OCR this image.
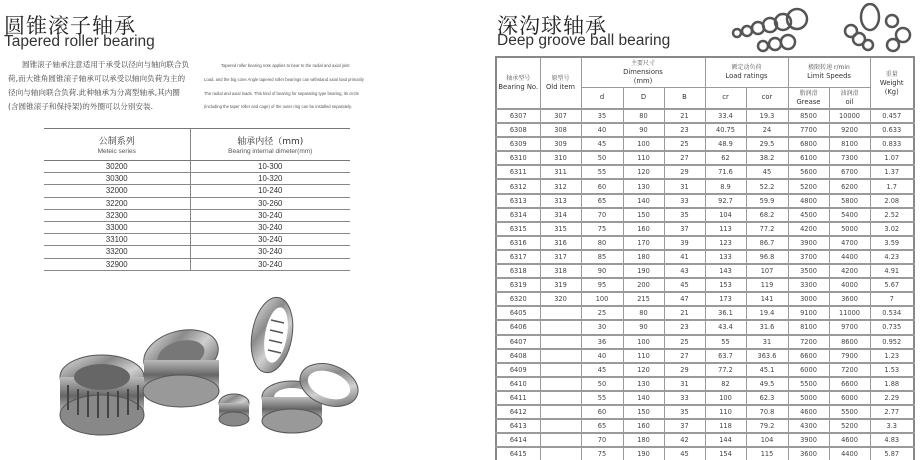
圆锥滚子轴承
Tapered roller bearing

圆锥滚子轴承注意适用于承受以径向与轴向联合负

荷,而大锥角圆锥滚子轴承可以承受以轴向负荷为主的

径向与轴向联合负荷.此种轴承为分离型轴承,其内圈

(含圆锥滚子和保持架)的外圈可以分别安装.

Tapered roller bearing note applies to bear to the radial and axial joint

Load, and the big cone Angle tapered roller bearings can withstand axial load primarily

The radial and axial loads. This kind of bearing for separating type bearing, its circle

(including the taper roller and cage) of the outer ring can be installed separately.

公制系列
Meteic series	轴承内径（mm)
Bearing internal dimeter(mm)

30200	10-300
30300	10-320
32000	10-240
32200	30-260
32300	30-240
33000	30-240
33100	30-240
33200	30-240
32900	30-240
深沟球轴承
Deep groove ball bearing
轴承型号
Bearing No.	原型号
Old item	主要尺寸
Dimensions
(mm)			额定动负荷
Load ratings		极限转速 r/min
Limit Speeds		重量
Weight
(Kg)

		d	D	B	cr	cor	脂润滑
Grease	油润滑
oil	
6307	307	35	80	21	33.4	19.3	8500	10000	0.457
6308	308	40	90	23	40.75	24	7700	9200	0.633
6309	309	45	100	25	48.9	29.5	6800	8100	0.833
6310	310	50	110	27	62	38.2	6100	7300	1.07
6311	311	55	120	29	71.6	45	5600	6700	1.37
6312	312	60	130	31	8.9	52.2	5200	6200	1.7
6313	313	65	140	33	92.7	59.9	4800	5800	2.08
6314	314	70	150	35	104	68.2	4500	5400	2.52
6315	315	75	160	37	113	77.2	4200	5000	3.02
6316	316	80	170	39	123	86.7	3900	4700	3.59
6317	317	85	180	41	133	96.8	3700	4400	4.23
6318	318	90	190	43	143	107	3500	4200	4.91
6319	319	95	200	45	153	119	3300	4000	5.67
6320	320	100	215	47	173	141	3000	3600	7
6405		25	80	21	36.1	19.4	9100	11000	0.534
6406		30	90	23	43.4	31.6	8100	9700	0.735
6407		36	100	25	55	31	7200	8600	0.952
6408		40	110	27	63.7	363.6	6600	7900	1.23
6409		45	120	29	77.2	45.1	6000	7200	1.53
6410		50	130	31	82	49.5	5500	6600	1.88
6411		55	140	33	100	62.3	5000	6000	2.29
6412		60	150	35	110	70.8	4600	5500	2.77
6413		65	160	37	118	79.2	4300	5200	3.3
6414		70	180	42	144	104	3900	4600	4.83
6415		75	190	45	154	115	3600	4400	5.87
